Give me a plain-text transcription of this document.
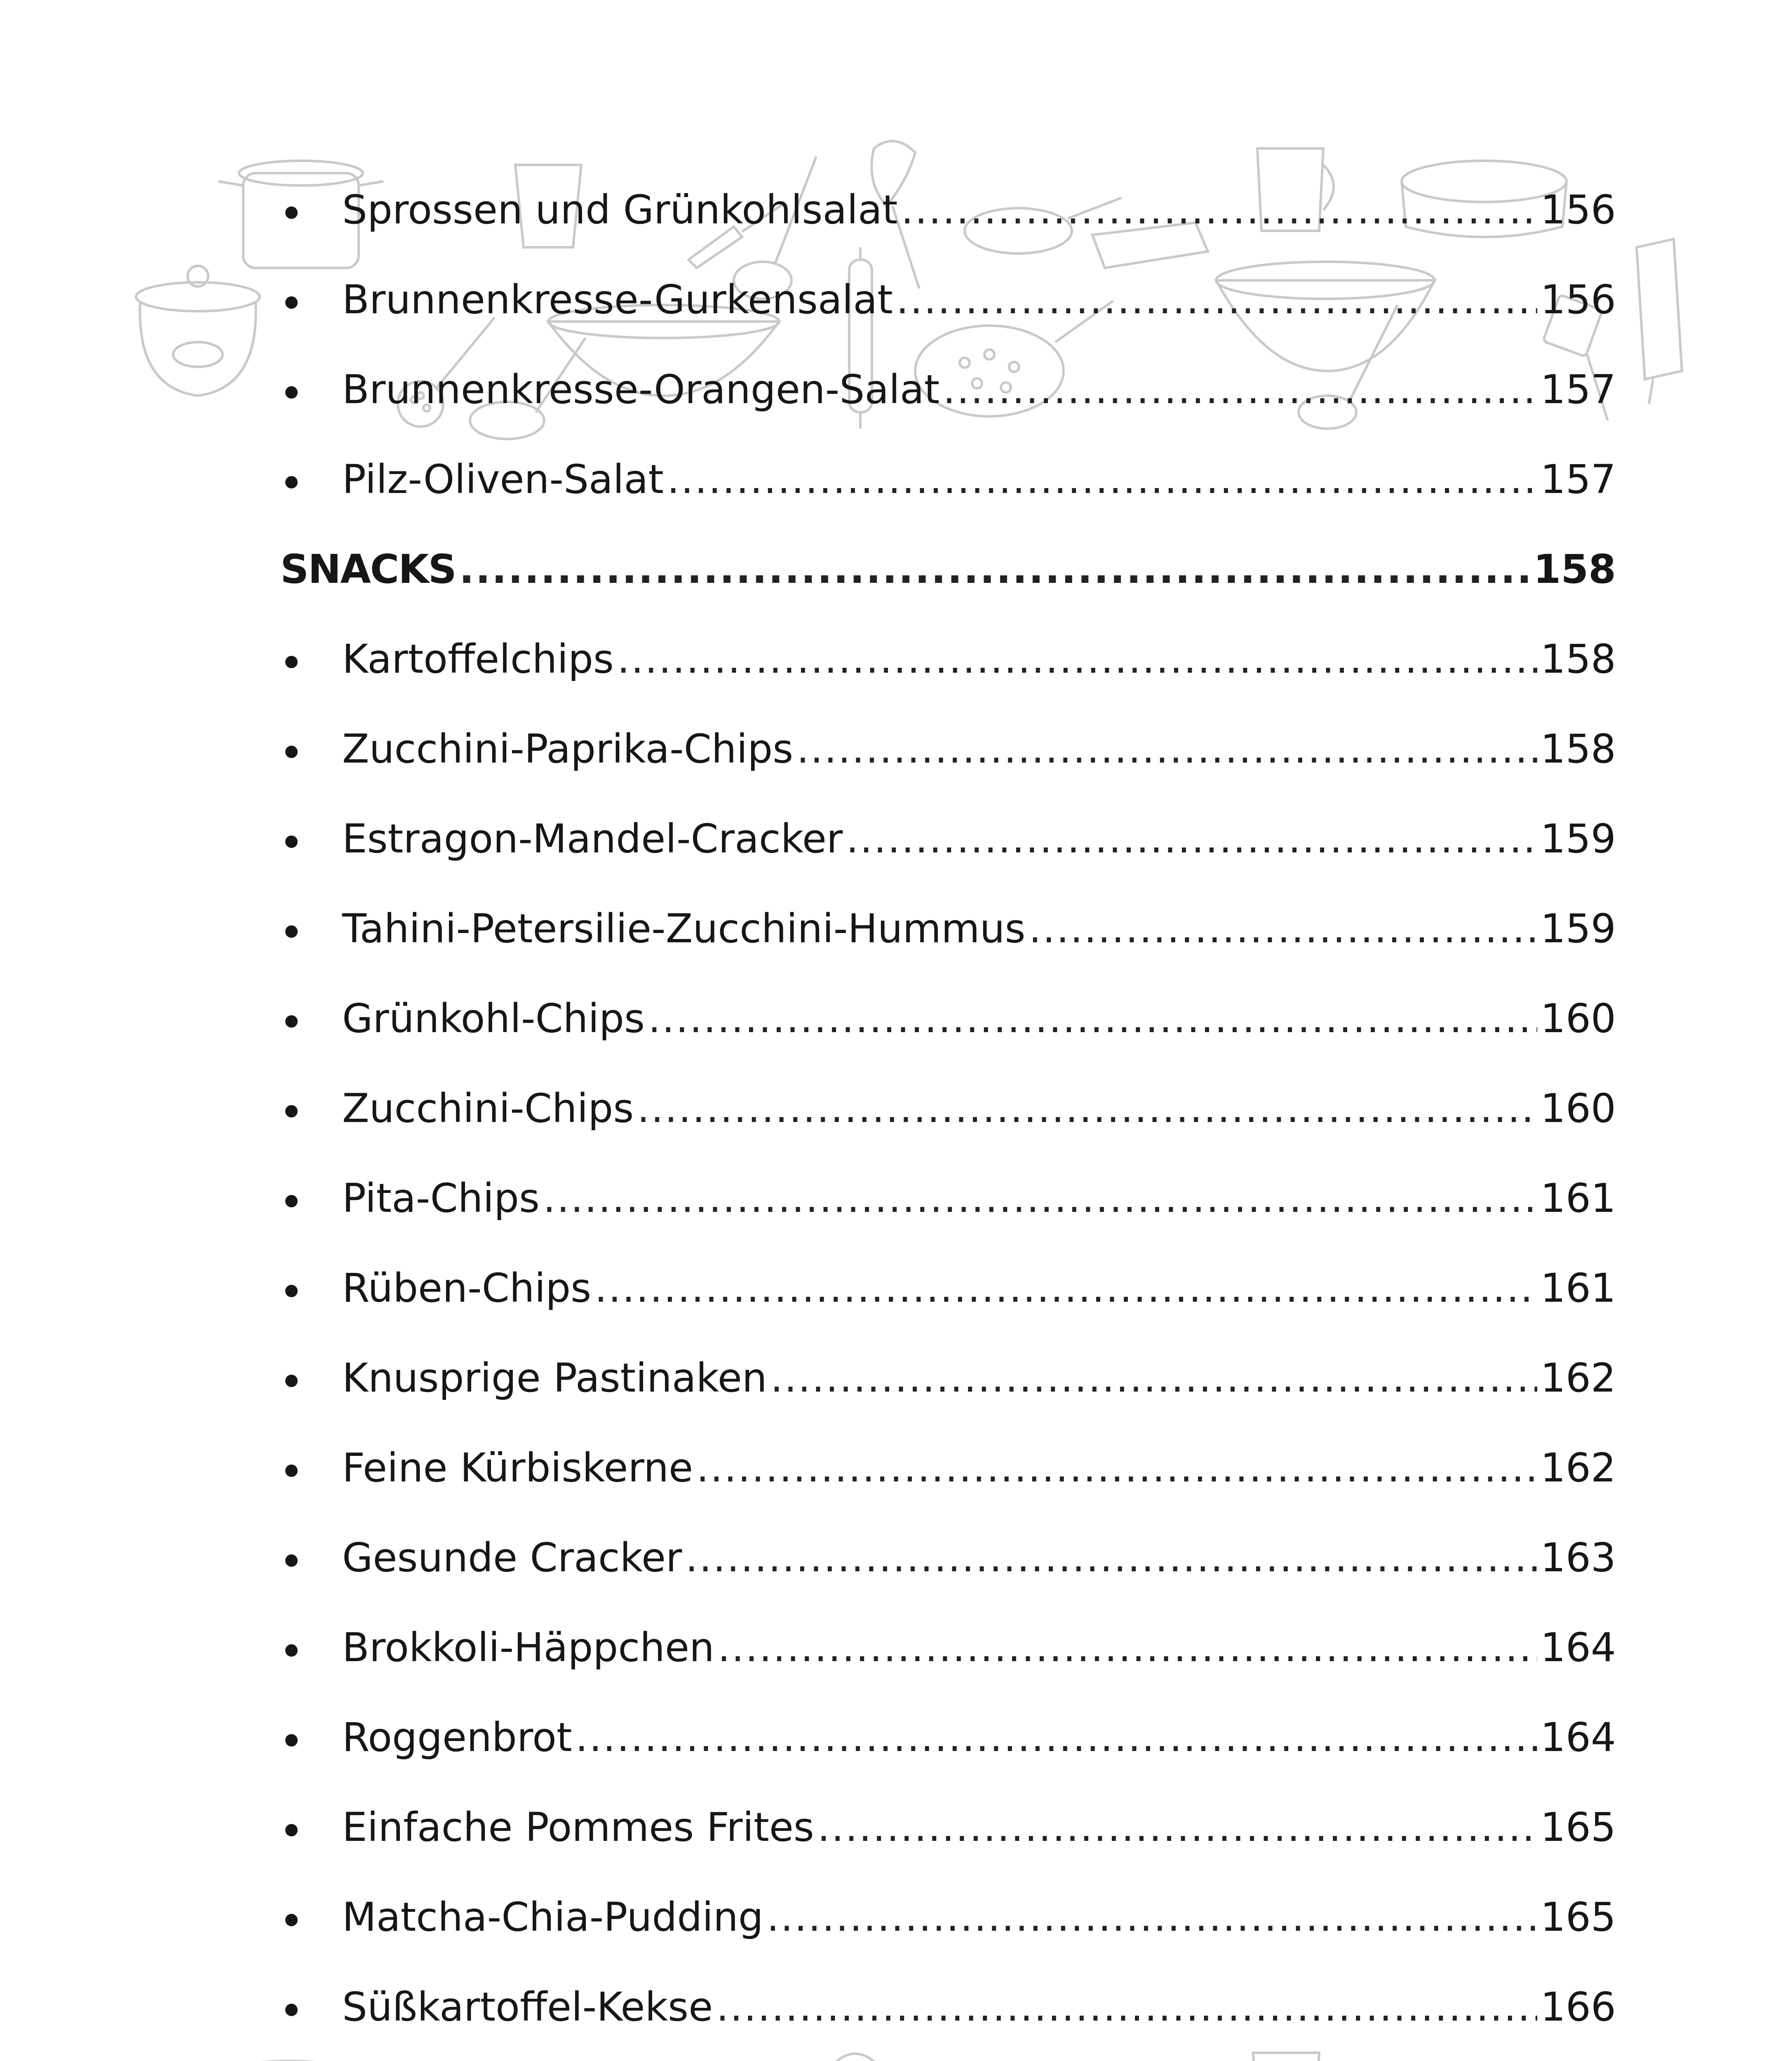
Sprossen und Grünkohlsalat .....	156
Brunnenkresse-Gurkensalat .....	156
Brunnenkresse-Orangen-Salat .....	157
Pilz-Oliven-Salat .....	157
SNACKS .....	158
Kartoffelchips .....	158
Zucchini-Paprika-Chips .....	158
Estragon-Mandel-Cracker .....	159
Tahini-Petersilie-Zucchini-Hummus .....	159
Grünkohl-Chips .....	160
Zucchini-Chips .....	160
Pita-Chips .....	161
Rüben-Chips .....	161
Knusprige Pastinaken .....	162
Feine Kürbiskerne .....	162
Gesunde Cracker .....	163
Brokkoli-Häppchen .....	164
Roggenbrot .....	164
Einfache Pommes Frites .....	165
Matcha-Chia-Pudding .....	165
Süßkartoffel-Kekse .....	166
